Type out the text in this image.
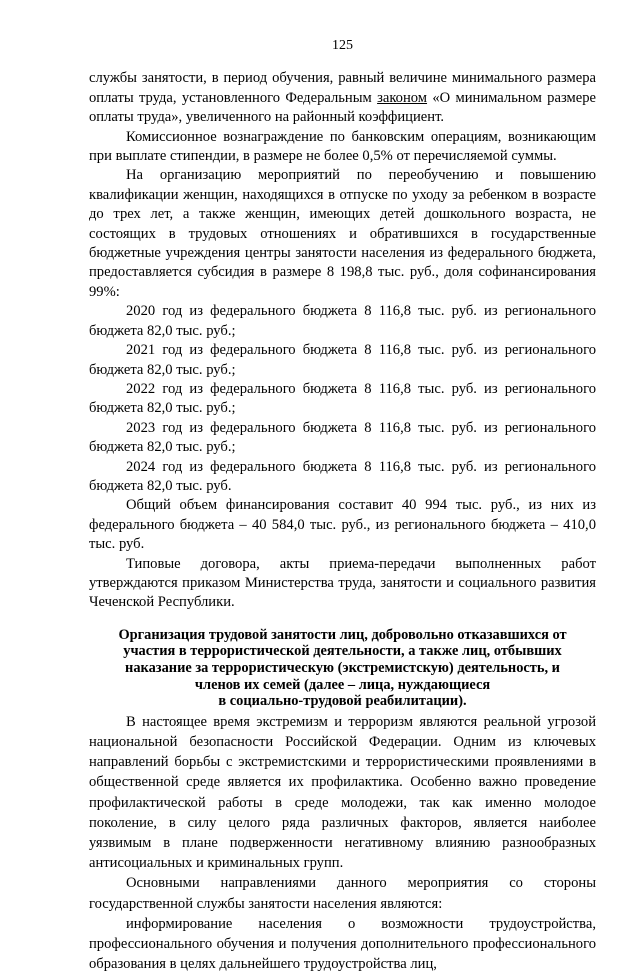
125

службы занятости, в период обучения, равный величине минимального размера оплаты труда, установленного Федеральным законом «О минимальном размере оплаты труда», увеличенного на районный коэффициент.

Комиссионное вознаграждение по банковским операциям, возникающим при выплате стипендии, в размере не более 0,5% от перечисляемой суммы.

На организацию мероприятий по переобучению и повышению квалификации женщин, находящихся в отпуске по уходу за ребенком в возрасте до трех лет, а также женщин, имеющих детей дошкольного возраста, не состоящих в трудовых отношениях и обратившихся в государственные бюджетные учреждения центры занятости населения из федерального бюджета, предоставляется субсидия в размере 8 198,8 тыс. руб., доля софинансирования 99%:

2020 год из федерального бюджета 8 116,8 тыс. руб. из регионального бюджета 82,0 тыс. руб.;

2021 год из федерального бюджета 8 116,8 тыс. руб. из регионального бюджета 82,0 тыс. руб.;

2022 год из федерального бюджета 8 116,8 тыс. руб. из регионального бюджета 82,0 тыс. руб.;

2023 год из федерального бюджета 8 116,8 тыс. руб. из регионального бюджета 82,0 тыс. руб.;

2024 год из федерального бюджета 8 116,8 тыс. руб. из регионального бюджета 82,0 тыс. руб.

Общий объем финансирования составит 40 994 тыс. руб., из них из федерального бюджета – 40 584,0 тыс. руб., из регионального бюджета – 410,0 тыс. руб.

Типовые договора, акты приема-передачи выполненных работ утверждаются приказом Министерства труда, занятости и социального развития Чеченской Республики.

Организация трудовой занятости лиц, добровольно отказавшихся от
участия в террористической деятельности, а также лиц, отбывших
наказание за террористическую (экстремистскую) деятельность, и
членов их семей (далее – лица, нуждающиеся
в социально-трудовой реабилитации).

В настоящее время экстремизм и терроризм являются реальной угрозой национальной безопасности Российской Федерации. Одним из ключевых направлений борьбы с экстремистскими и террористическими проявлениями в общественной среде является их профилактика. Особенно важно проведение профилактической работы в среде молодежи, так как именно молодое поколение, в силу целого ряда различных факторов, является наиболее уязвимым в плане подверженности негативному влиянию разнообразных антисоциальных и криминальных групп.

Основными направлениями данного мероприятия со стороны государственной службы занятости населения являются:

информирование населения о возможности трудоустройства, профессионального обучения и получения дополнительного профессионального образования в целях дальнейшего трудоустройства лиц,
